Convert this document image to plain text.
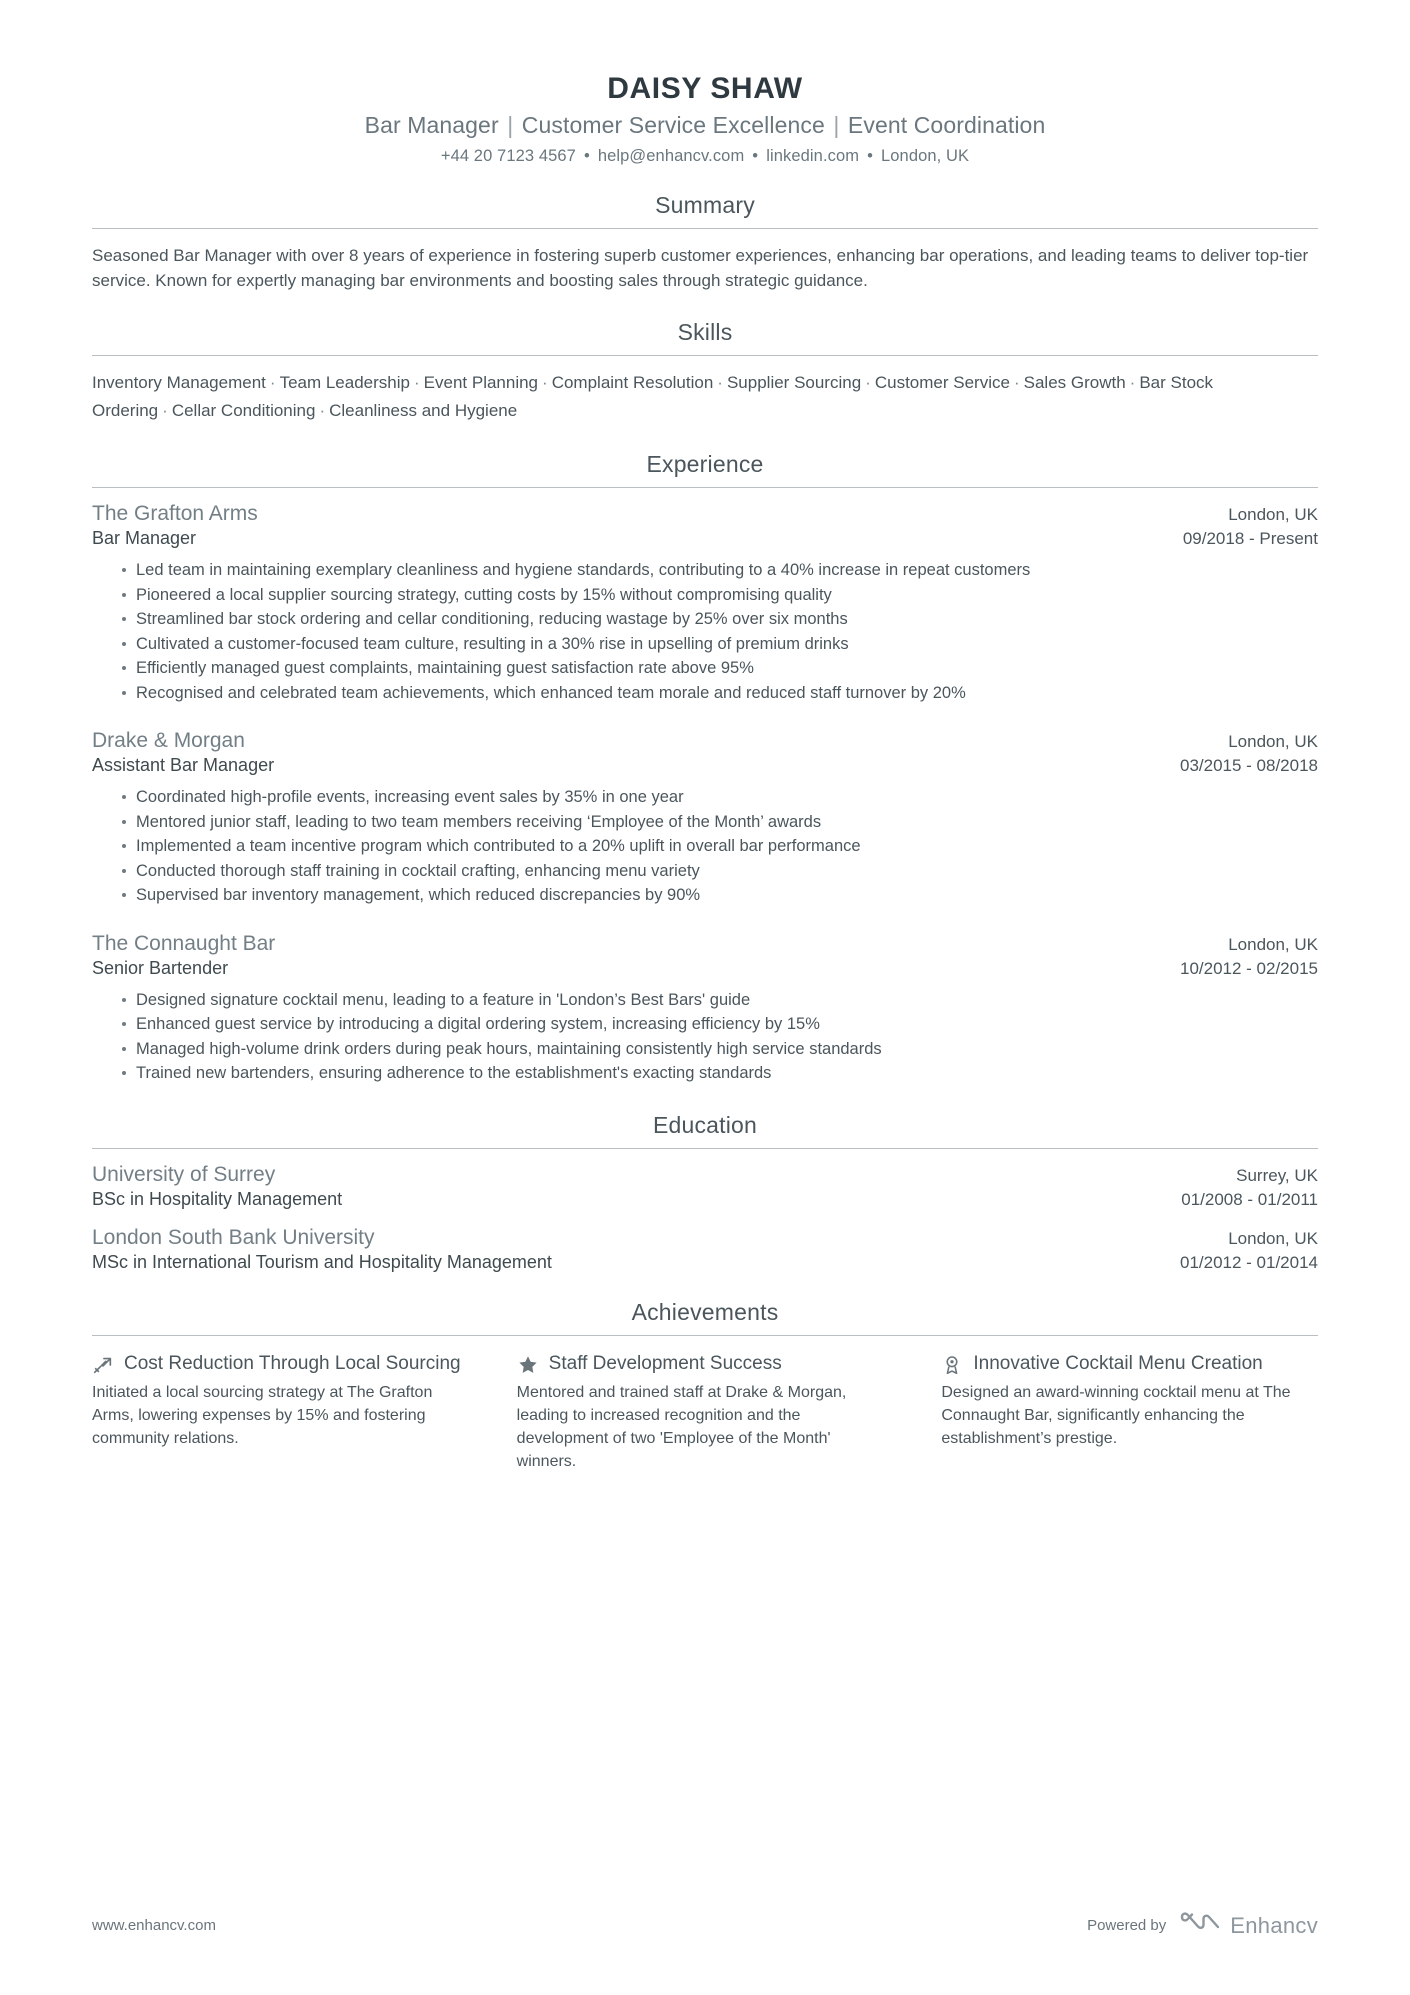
DAISY SHAW
Bar Manager | Customer Service Excellence | Event Coordination
+44 20 7123 4567 • help@enhancv.com • linkedin.com • London, UK
Summary
Seasoned Bar Manager with over 8 years of experience in fostering superb customer experiences, enhancing bar operations, and leading teams to deliver top-tier service. Known for expertly managing bar environments and boosting sales through strategic guidance.
Skills
Inventory Management · Team Leadership · Event Planning · Complaint Resolution · Supplier Sourcing · Customer Service · Sales Growth · Bar Stock Ordering · Cellar Conditioning · Cleanliness and Hygiene
Experience
The Grafton Arms	London, UK
Bar Manager	09/2018 - Present
Led team in maintaining exemplary cleanliness and hygiene standards, contributing to a 40% increase in repeat customers
Pioneered a local supplier sourcing strategy, cutting costs by 15% without compromising quality
Streamlined bar stock ordering and cellar conditioning, reducing wastage by 25% over six months
Cultivated a customer-focused team culture, resulting in a 30% rise in upselling of premium drinks
Efficiently managed guest complaints, maintaining guest satisfaction rate above 95%
Recognised and celebrated team achievements, which enhanced team morale and reduced staff turnover by 20%
Drake & Morgan	London, UK
Assistant Bar Manager	03/2015 - 08/2018
Coordinated high-profile events, increasing event sales by 35% in one year
Mentored junior staff, leading to two team members receiving ‘Employee of the Month’ awards
Implemented a team incentive program which contributed to a 20% uplift in overall bar performance
Conducted thorough staff training in cocktail crafting, enhancing menu variety
Supervised bar inventory management, which reduced discrepancies by 90%
The Connaught Bar	London, UK
Senior Bartender	10/2012 - 02/2015
Designed signature cocktail menu, leading to a feature in 'London’s Best Bars' guide
Enhanced guest service by introducing a digital ordering system, increasing efficiency by 15%
Managed high-volume drink orders during peak hours, maintaining consistently high service standards
Trained new bartenders, ensuring adherence to the establishment's exacting standards
Education
University of Surrey	Surrey, UK
BSc in Hospitality Management	01/2008 - 01/2011
London South Bank University	London, UK
MSc in International Tourism and Hospitality Management	01/2012 - 01/2014
Achievements
Cost Reduction Through Local Sourcing
Initiated a local sourcing strategy at The Grafton Arms, lowering expenses by 15% and fostering community relations.
Staff Development Success
Mentored and trained staff at Drake & Morgan, leading to increased recognition and the development of two 'Employee of the Month' winners.
Innovative Cocktail Menu Creation
Designed an award-winning cocktail menu at The Connaught Bar, significantly enhancing the establishment’s prestige.
www.enhancv.com	Powered by	Enhancv
